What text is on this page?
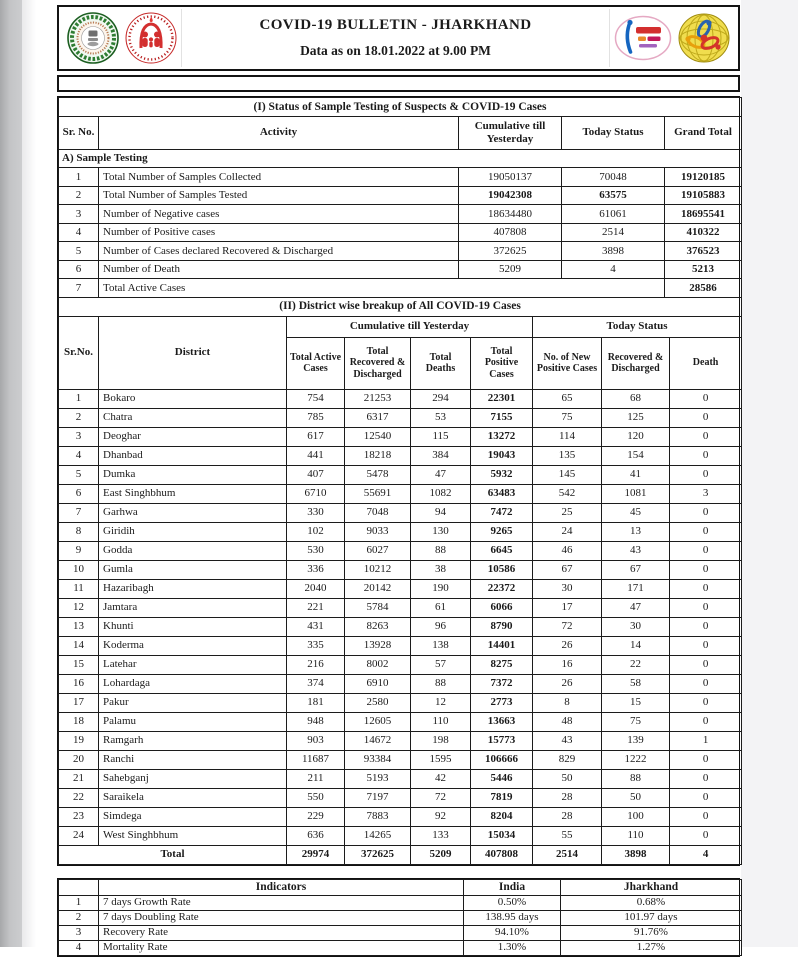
COVID-19 BULLETIN - JHARKHAND
Data as on 18.01.2022 at 9.00 PM
(I) Status of Sample Testing of Suspects & COVID-19 Cases				
Sr. No.	Activity	Cumulative till Yesterday	Today Status	Grand Total
A) Sample Testing				
1	Total Number of Samples Collected	19050137	70048	19120185
2	Total Number of Samples Tested	19042308	63575	19105883
3	Number of Negative cases	18634480	61061	18695541
4	Number of Positive cases	407808	2514	410322
5	Number of Cases declared Recovered & Discharged	372625	3898	376523
6	Number of Death	5209	4	5213
7	Total Active Cases			28586
(II) District wise breakup of All COVID-19 Cases								
Sr.No.	District	Cumulative till Yesterday				Today Status		
		Total Active Cases	Total Recovered & Discharged	Total Deaths	Total Positive Cases	No. of New Positive Cases	Recovered & Discharged	Death
1	Bokaro	754	21253	294	22301	65	68	0
2	Chatra	785	6317	53	7155	75	125	0
3	Deoghar	617	12540	115	13272	114	120	0
4	Dhanbad	441	18218	384	19043	135	154	0
5	Dumka	407	5478	47	5932	145	41	0
6	East Singhbhum	6710	55691	1082	63483	542	1081	3
7	Garhwa	330	7048	94	7472	25	45	0
8	Giridih	102	9033	130	9265	24	13	0
9	Godda	530	6027	88	6645	46	43	0
10	Gumla	336	10212	38	10586	67	67	0
11	Hazaribagh	2040	20142	190	22372	30	171	0
12	Jamtara	221	5784	61	6066	17	47	0
13	Khunti	431	8263	96	8790	72	30	0
14	Koderma	335	13928	138	14401	26	14	0
15	Latehar	216	8002	57	8275	16	22	0
16	Lohardaga	374	6910	88	7372	26	58	0
17	Pakur	181	2580	12	2773	8	15	0
18	Palamu	948	12605	110	13663	48	75	0
19	Ramgarh	903	14672	198	15773	43	139	1
20	Ranchi	11687	93384	1595	106666	829	1222	0
21	Sahebganj	211	5193	42	5446	50	88	0
22	Saraikela	550	7197	72	7819	28	50	0
23	Simdega	229	7883	92	8204	28	100	0
24	West Singhbhum	636	14265	133	15034	55	110	0
Total		29974	372625	5209	407808	2514	3898	4
	Indicators	India	Jharkhand
1	7 days Growth Rate	0.50%	0.68%
2	7 days Doubling Rate	138.95 days	101.97 days
3	Recovery Rate	94.10%	91.76%
4	Mortality Rate	1.30%	1.27%
